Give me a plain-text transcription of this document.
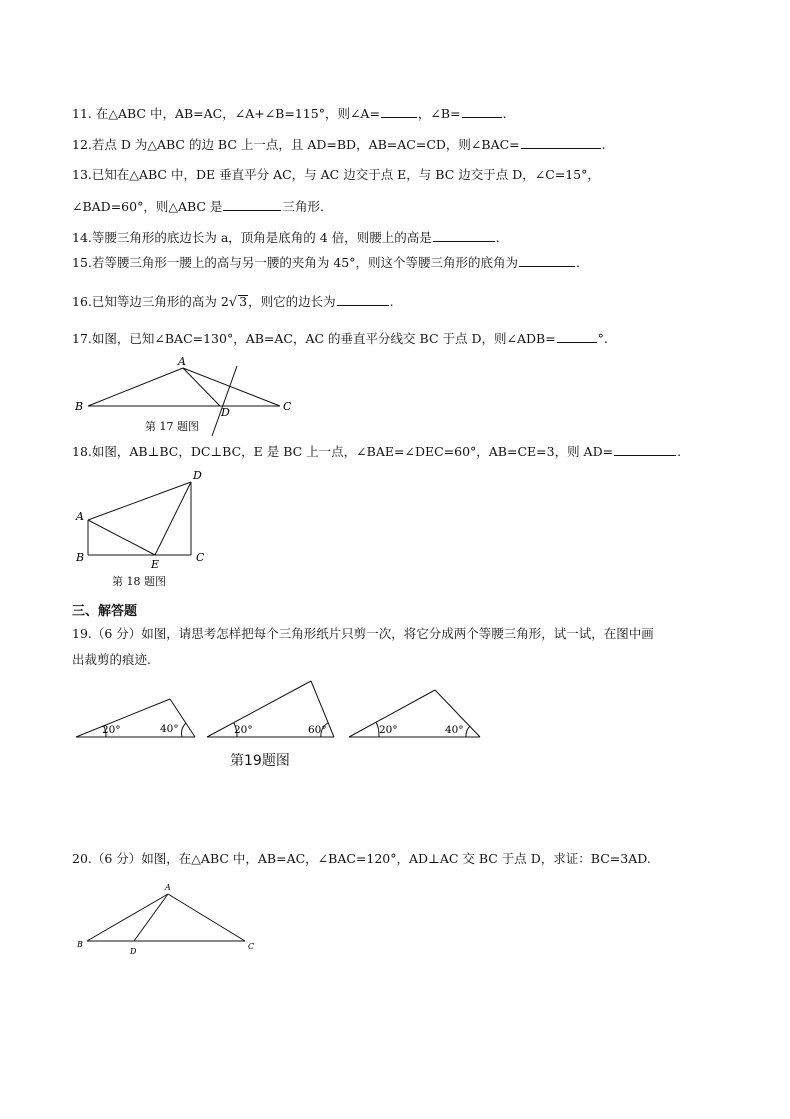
11. 在△ABC 中，AB=AC，∠A+∠B=115°，则∠A=	，∠B=	.
12.若点 D 为△ABC 的边 BC 上一点，且 AD=BD，AB=AC=CD，则∠BAC=	.
13.已知在△ABC 中，DE 垂直平分 AC，与 AC 边交于点 E，与 BC 边交于点 D，∠C=15°，
∠BAD=60°，则△ABC 是	三角形.
14.等腰三角形的底边长为 a，顶角是底角的 4 倍，则腰上的高是	.
15.若等腰三角形一腰上的高与另一腰的夹角为 45°，则这个等腰三角形的底角为	.
16.已知等边三角形的高为 2√ 3，则它的边长为	.
17.如图，已知∠BAC=130°，AB=AC，AC 的垂直平分线交 BC 于点 D，则∠ADB=	°.
A
B	C
D
第 17 题图
18.如图，AB⊥BC，DC⊥BC，E 是 BC 上一点，∠BAE=∠DEC=60°，AB=CE=3，则 AD=	.
D
A
B	C
E
第 18 题图
三、解答题
19.（6 分）如图，请思考怎样把每个三角形纸片只剪一次，将它分成两个等腰三角形，试一试，在图中画
出裁剪的痕迹.
20°	40°	20°	60°	20°	40°
第19题图
20.（6 分）如图，在△ABC 中，AB=AC，∠BAC=120°，AD⊥AC 交 BC 于点 D，求证：BC=3AD.
A
B	C
D
